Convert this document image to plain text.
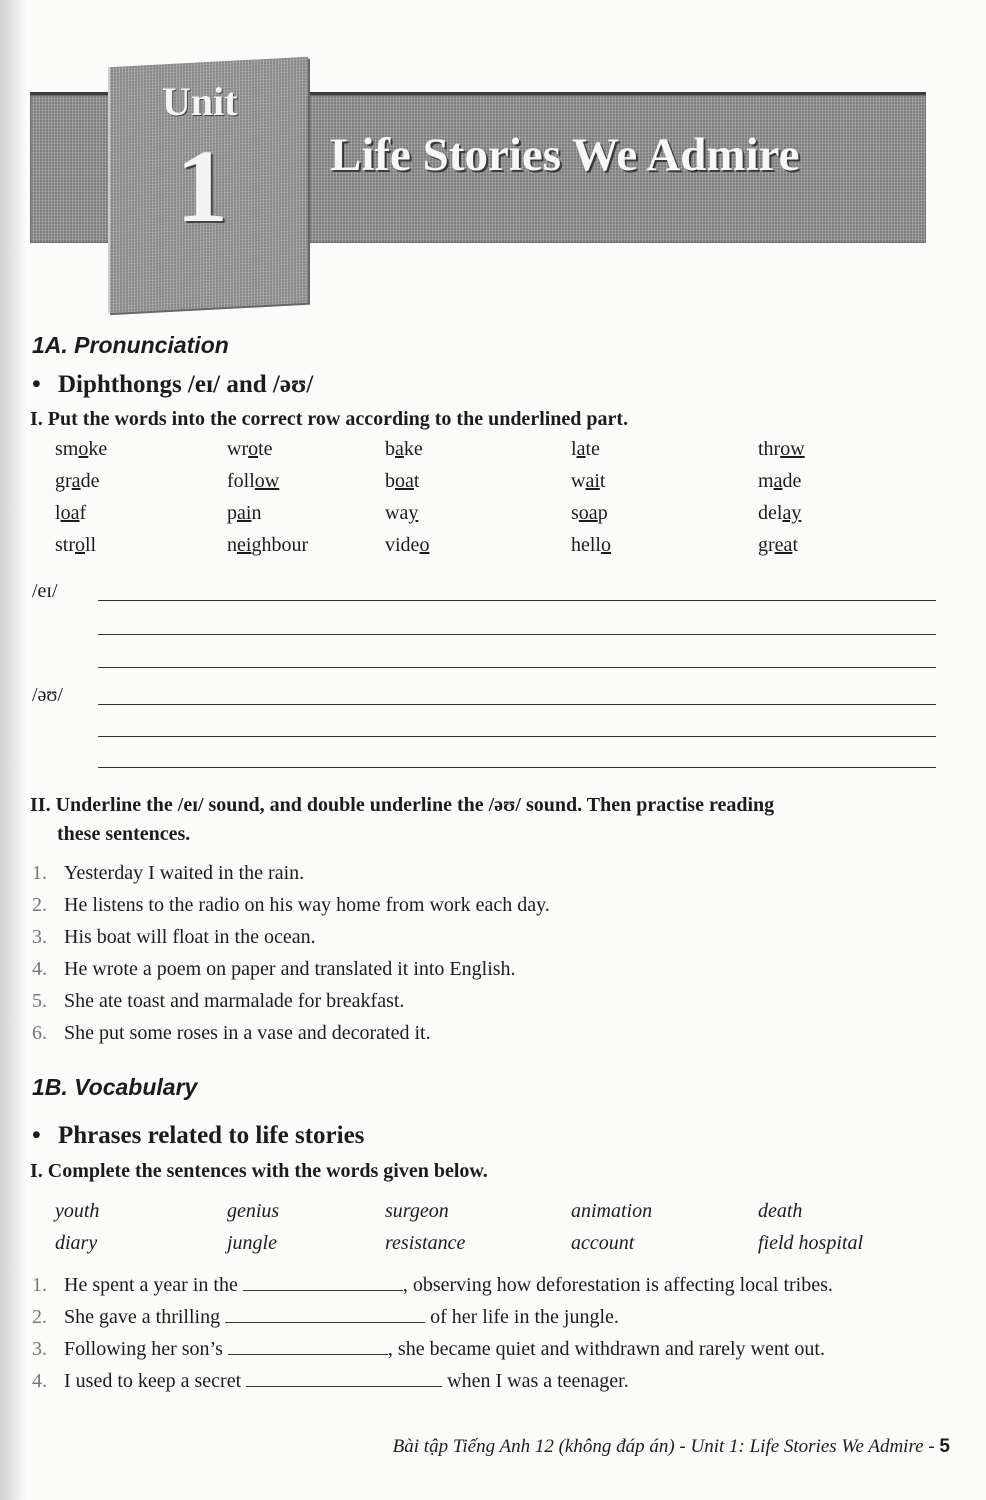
Unit
1 Life Stories We Admire
1A. Pronunciation
• Diphthongs /eɪ/ and /əʊ/
I. Put the words into the correct row according to the underlined part.
smoke	wrote	bake	late	throw
grade	follow	boat	wait	made
loaf	pain	way	soap	delay
stroll	neighbour	video	hello	great
/eɪ/
/əʊ/
II. Underline the /eɪ/ sound, and double underline the /əʊ/ sound. Then practise reading
these sentences.
1. Yesterday I waited in the rain.
2. He listens to the radio on his way home from work each day.
3. His boat will float in the ocean.
4. He wrote a poem on paper and translated it into English.
5. She ate toast and marmalade for breakfast.
6. She put some roses in a vase and decorated it.
1B. Vocabulary
• Phrases related to life stories
I. Complete the sentences with the words given below.
youth	genius	surgeon	animation	death
diary	jungle	resistance	account	field hospital
1. He spent a year in the	, observing how deforestation is affecting local tribes.
2. She gave a thrilling	of her life in the jungle.
3. Following her son’s	, she became quiet and withdrawn and rarely went out.
4. I used to keep a secret	when I was a teenager.
Bài tập Tiếng Anh 12 (không đáp án) - Unit 1: Life Stories We Admire - 5
